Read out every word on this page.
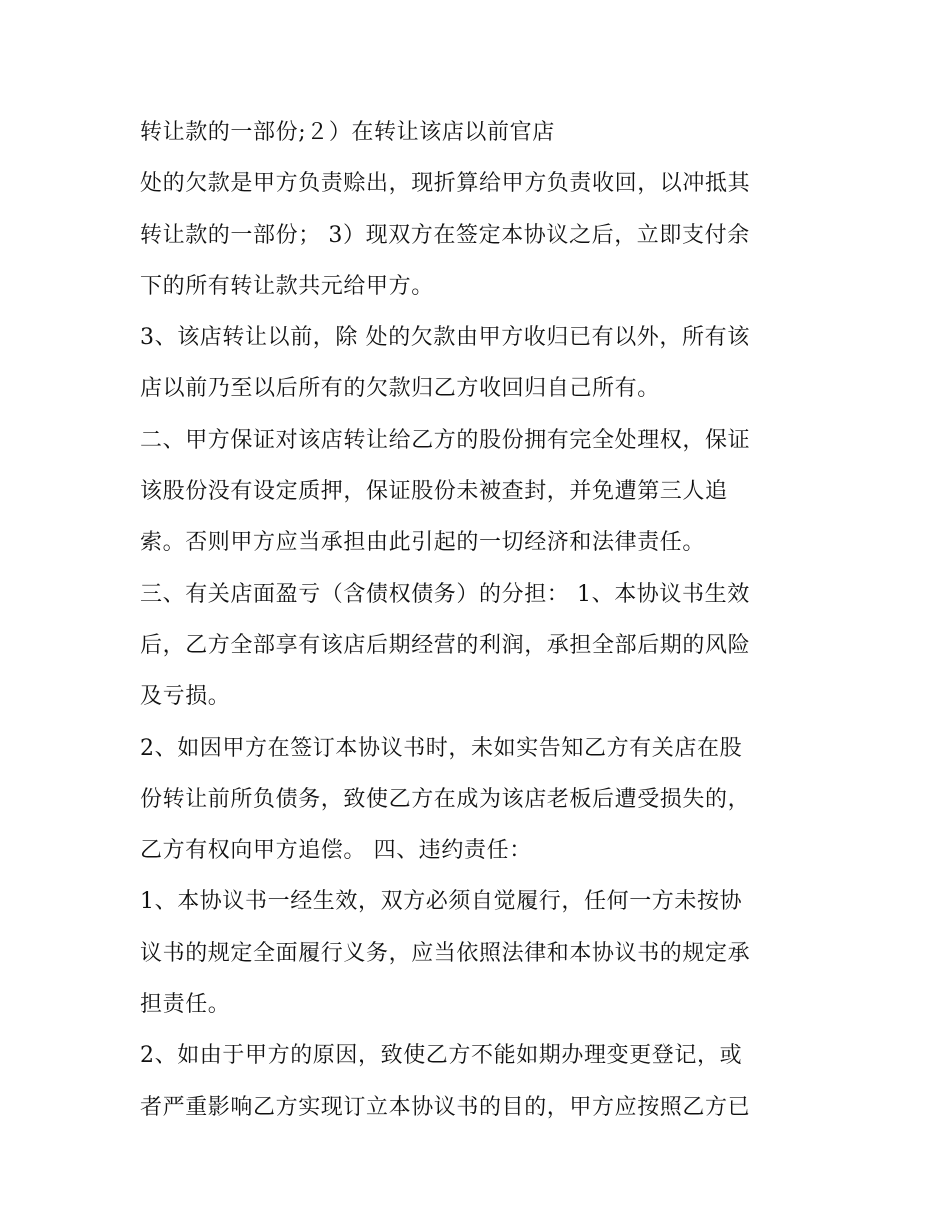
转让款的一部份;２）在转让该店以前官店
处的欠款是甲方负责赊出，现折算给甲方负责收回，以冲抵其
转让款的一部份； 3）现双方在签定本协议之后，立即支付余
下的所有转让款共元给甲方。
3、该店转让以前，除 处的欠款由甲方收归已有以外，所有该
店以前乃至以后所有的欠款归乙方收回归自己所有。
二、甲方保证对该店转让给乙方的股份拥有完全处理权，保证
该股份没有设定质押，保证股份未被查封，并免遭第三人追
索。否则甲方应当承担由此引起的一切经济和法律责任。
三、有关店面盈亏（含债权债务）的分担： 1、本协议书生效
后，乙方全部享有该店后期经营的利润，承担全部后期的风险
及亏损。
2、如因甲方在签订本协议书时，未如实告知乙方有关店在股
份转让前所负债务，致使乙方在成为该店老板后遭受损失的，
乙方有权向甲方追偿。 四、违约责任：
1、本协议书一经生效，双方必须自觉履行，任何一方未按协
议书的规定全面履行义务，应当依照法律和本协议书的规定承
担责任。
2、如由于甲方的原因，致使乙方不能如期办理变更登记，或
者严重影响乙方实现订立本协议书的目的，甲方应按照乙方已
